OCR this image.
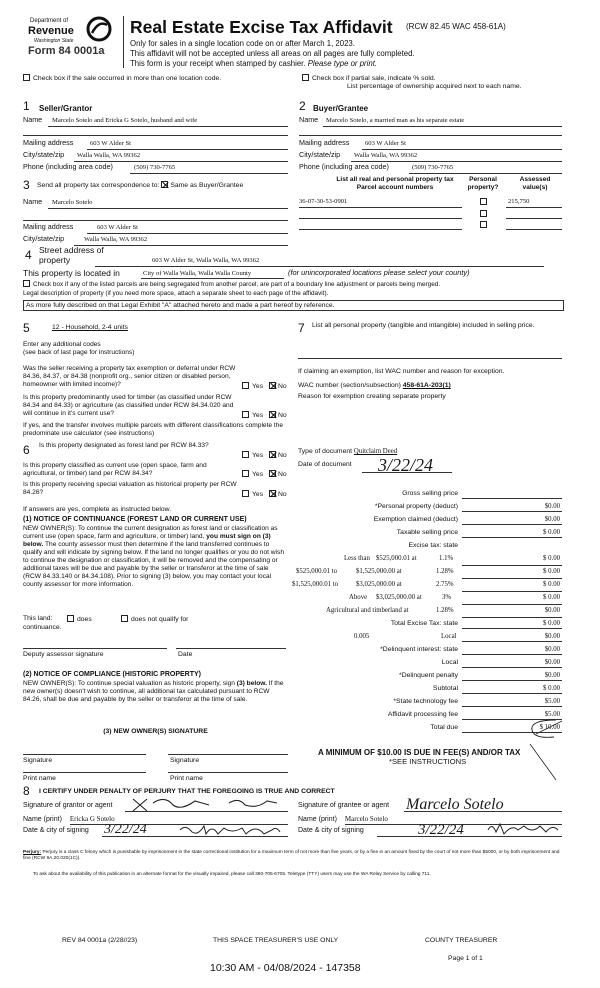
Department of
Revenue
Washington State
Form 84 0001a
Real Estate Excise Tax Affidavit (RCW 82.45 WAC 458-61A)
Only for sales in a single location code on or after March 1, 2023.
This affidavit will not be accepted unless all areas on all pages are fully completed.
This form is your receipt when stamped by cashier. Please type or print.
Check box if the sale occurred in more than one location code.	Check box if partial sale, indicate % sold.
List percentage of ownership acquired next to each name.
1 Seller/Grantor
Name Marcelo Sotelo and Ericka G Sotelo, husband and wife
Mailing address	603 W Alder St
City/state/zip Walla Walla, WA 99362
Phone (including area code)	(509) 730-7765
2 Buyer/Grantee
Name Marcelo Sotelo, a married man as his separate estate
Mailing address 603 W Alder St
City/state/zip Walla Walla, WA 99362
Phone (including area code)	(509) 730-7765
List all real and personal property tax
Parcel account numbers
Personal
property?
Assessed
value(s)
36-07-30-53-0901	215,750
3 Send all property tax correspondence to: Same as Buyer/Grantee
Name Marcelo Sotelo
Mailing address	603 W Alder St
City/state/zip	Walla Walla, WA 99362
4 Street address of
property	603 W Alder St, Walla Walla, WA 99362
This property is located in	City of Walla Walla, Walla Walla County	(for unincorporated locations please select your county)
Check box if any of the listed parcels are being segregated from another parcel, are part of a boundary line adjustment or parcels being merged.
Legal description of property (if you need more space, attach a separate sheet to each page of the affidavit).
As more fully described on that Legal Exhibit "A" attached hereto and made a part hereof by reference.
5	12 - Household, 2-4 units
Enter any additional codes
(see back of last page for instructions)
Was the seller receiving a property tax exemption or deferral under RCW 84.36, 84.37, or 84.38 (nonprofit org., senior citizen or disabled person, homeowner with limited income)?	Yes No
Is this property predominantly used for timber (as classified under RCW 84.34 and 84.33) or agriculture (as classified under RCW 84.34.020 and will continue in it's current use?	Yes No
If yes, and the transfer involves multiple parcels with different classifications complete the predominate use calculator (see instructions)
6 Is this property designated as forest land per RCW 84.33?
Yes No
Is this property classified as current use (open space, farm and agricultural, or timber) land per RCW 84.34?	Yes No
Is this property receiving special valuation as historical property per RCW 84.26?	Yes No
If answers are yes, complete as instructed below.
(1) NOTICE OF CONTINUANCE (FOREST LAND OR CURRENT USE)
NEW OWNER(S): To continue the current designation as forest land or classification as current use (open space, farm and agriculture, or timber) land, you must sign on (3) below. The county assessor must then determine if the land transferred continues to qualify and will indicate by signing below. If the land no longer qualifies or you do not wish to continue the designation or classification, it will be removed and the compensating or additional taxes will be due and payable by the seller or transferor at the time of sale (RCW 84.33.140 or 84.34.108). Prior to signing (3) below, you may contact your local county assessor for more information.
This land:	does	does not qualify for
continuance.
Deputy assessor signature	Date
(2) NOTICE OF COMPLIANCE (HISTORIC PROPERTY)
NEW OWNER(S): To continue special valuation as historic property, sign (3) below. If the new owner(s) doesn't wish to continue, all additional tax calculated pursuant to RCW 84.26, shall be due and payable by the seller or transferor at the time of sale.
(3) NEW OWNER(S) SIGNATURE
Signature	Signature
Print name	Print name
7 List all personal property (tangible and intangible) included in selling price.
If claiming an exemption, list WAC number and reason for exception.
WAC number (section/subsection) 458-61A-203(1)
Reason for exemption creating separate property
Type of document Quitclaim Deed
Date of document 3/22/24
Gross selling price

*Personal property (deduct)	$0.00
Exemption claimed (deduct)	$0.00
Taxable selling price	$ 0.00
Excise tax: state
Less than $525,000.01 at	1.1%	$ 0.00
$525,000.01 to	$1,525,000.00 at	1.28%	$ 0.00
$1,525,000.01 to	$3,025,000.00 at	2.75%	$ 0.00
Above $3,025,000.00 at	3%	$ 0.00
Agricultural and timberland at	1.28%	$0.00
Total Excise Tax: state	$ 0.00
0.005	Local	$0.00
*Delinquent interest: state	$0.00
Local	$0.00
*Delinquent penalty	$0.00
Subtotal	$ 0.00
*State technology fee	$5.00
Affidavit processing fee	$5.00
Total due	$ 10.00
A MINIMUM OF $10.00 IS DUE IN FEE(S) AND/OR TAX
*SEE INSTRUCTIONS
8 I CERTIFY UNDER PENALTY OF PERJURY THAT THE FOREGOING IS TRUE AND CORRECT
Signature of grantor or agent	Signature of grantee or agent Marcelo Sotelo
Name (print) Ericka G Sotelo	Name (print) Marcelo Sotelo
Date & city of signing 3/22/24	Date & city of signing	3/22/24
Perjury: Perjury is a class C felony which is punishable by imprisonment in the state correctional institution for a maximum term of not more than five years, or by a fine in an amount fixed by the court of not more than $5000, or by both imprisonment and fine (RCW 9A.20.020(1C)).
To ask about the availability of this publication in an alternate format for the visually impaired, please call 360-705-6705. Teletype (TTY) users may use the WA Relay Service by calling 711.
REV 84 0001a (2/28//23)	THIS SPACE TREASURER'S USE ONLY	COUNTY TREASURER
Page 1 of 1
10:30 AM - 04/08/2024 - 147358
